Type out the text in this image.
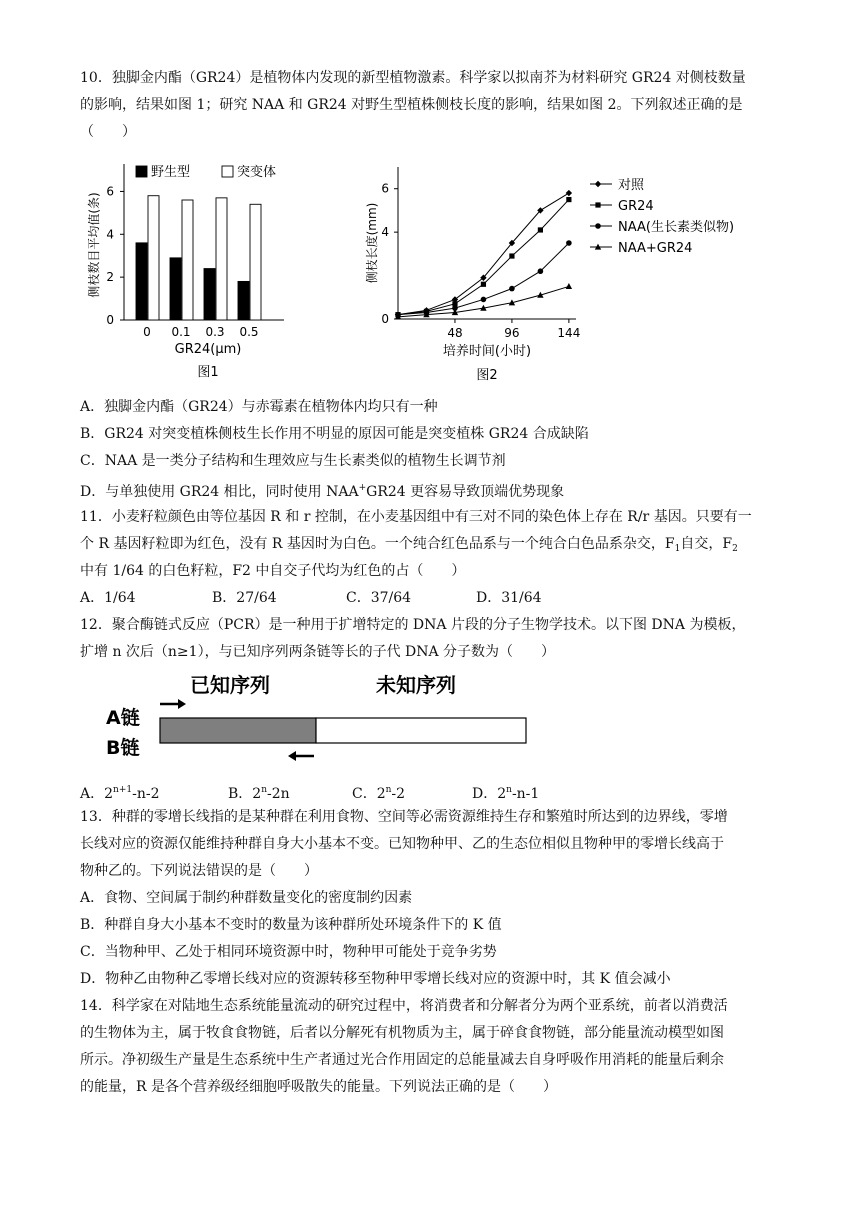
10．独脚金内酯（GR24）是植物体内发现的新型植物激素。科学家以拟南芥为材料研究 GR24 对侧枝数量
的影响，结果如图 1；研究 NAA 和 GR24 对野生型植株侧枝长度的影响，结果如图 2。下列叙述正确的是
（　　）
0
2
4
6
0 0.1 0.3 0.5
GR24(μm)
侧枝数目平均值(条)
野生型	突变体
图1
0
4
6
48	96	144
培养时间(小时)
侧枝长度(mm)
对照
GR24
NAA(生长素类似物)
NAA+GR24
图2
A．独脚金内酯（GR24）与赤霉素在植物体内均只有一种
B．GR24 对突变植株侧枝生长作用不明显的原因可能是突变植株 GR24 合成缺陷
C．NAA 是一类分子结构和生理效应与生长素类似的植物生长调节剂
D．与单独使用 GR24 相比，同时使用 NAA+GR24 更容易导致顶端优势现象
11．小麦籽粒颜色由等位基因 R 和 r 控制，在小麦基因组中有三对不同的染色体上存在 R/r 基因。只要有一
个 R 基因籽粒即为红色，没有 R 基因时为白色。一个纯合红色品系与一个纯合白色品系杂交，$F_1$自交，$F_2$
中有 1/64 的白色籽粒，F2 中自交子代均为红色的占（　　）
A．1/64	B．27/64	C．37/64	D．31/64
12．聚合酶链式反应（PCR）是一种用于扩增特定的 DNA 片段的分子生物学技术。以下图 DNA 为模板，
扩增 n 次后（n≥1），与已知序列两条链等长的子代 DNA 分子数为（　　）
已知序列	未知序列
A链
B链
A．$2^{n+1}-n-2$	B．2$^n$-2n	C．2$^n$-2	D．2$^n$-n-1
13．种群的零增长线指的是某种群在利用食物、空间等必需资源维持生存和繁殖时所达到的边界线，零增
长线对应的资源仅能维持种群自身大小基本不变。已知物种甲、乙的生态位相似且物种甲的零增长线高于
物种乙的。下列说法错误的是（　　）
A．食物、空间属于制约种群数量变化的密度制约因素
B．种群自身大小基本不变时的数量为该种群所处环境条件下的 K 值
C．当物种甲、乙处于相同环境资源中时，物种甲可能处于竞争劣势
D．物种乙由物种乙零增长线对应的资源转移至物种甲零增长线对应的资源中时，其 K 值会减小
14．科学家在对陆地生态系统能量流动的研究过程中，将消费者和分解者分为两个亚系统，前者以消费活
的生物体为主，属于牧食食物链，后者以分解死有机物质为主，属于碎食食物链，部分能量流动模型如图
所示。净初级生产量是生态系统中生产者通过光合作用固定的总能量减去自身呼吸作用消耗的能量后剩余
的能量，R 是各个营养级经细胞呼吸散失的能量。下列说法正确的是（　　）
